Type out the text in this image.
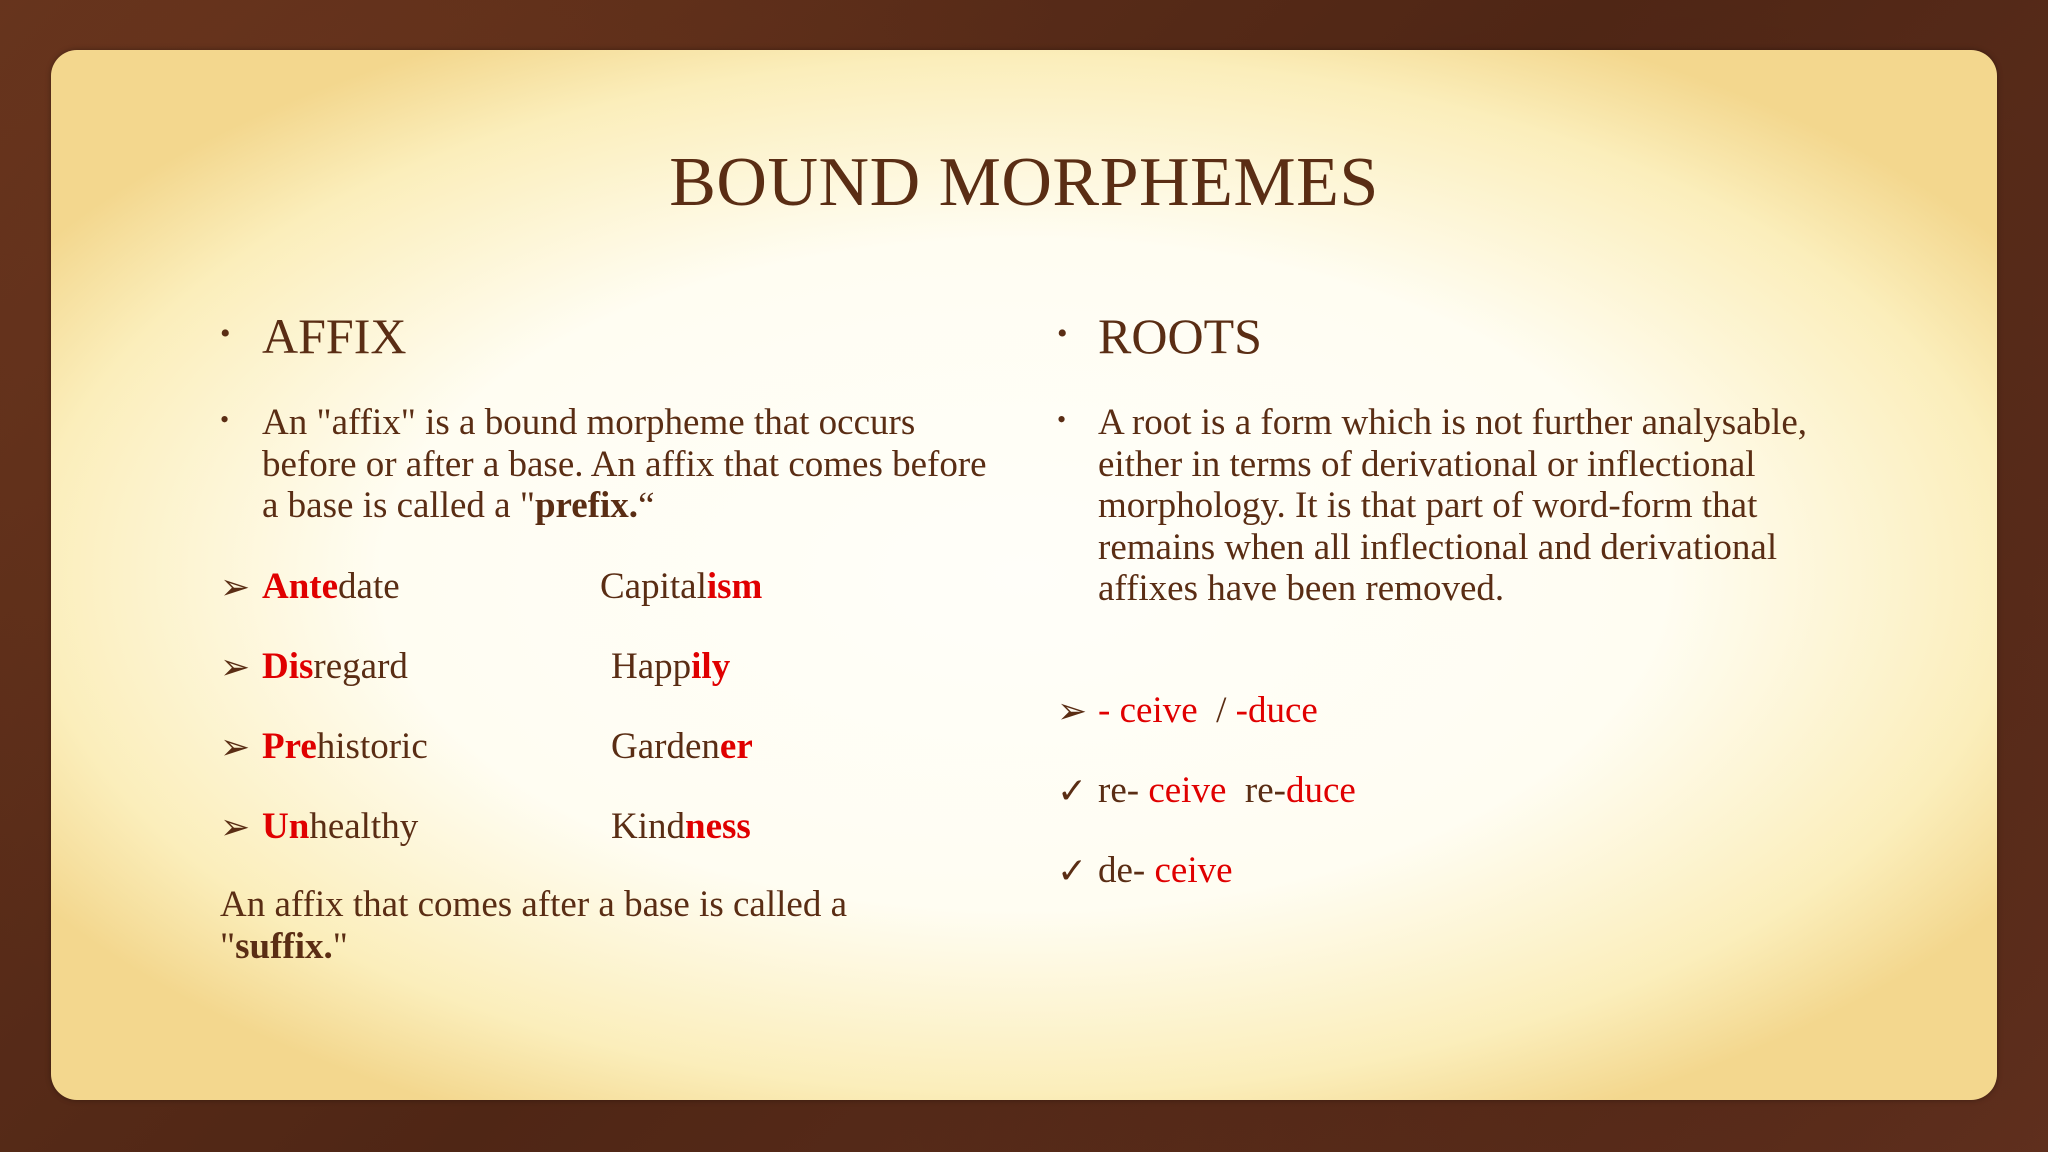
BOUND MORPHEMES
• AFFIX
• An "affix" is a bound morpheme that occurs before or after a base. An affix that comes before a base is called a "prefix.“
➢ Antedate	Capitalism
➢ Disregard	Happily
➢ Prehistoric	Gardener
➢ Unhealthy	Kindness
An affix that comes after a base is called a "suffix."
• ROOTS
• A root is a form which is not further analysable, either in terms of derivational or inflectional morphology. It is that part of word-form that remains when all inflectional and derivational affixes have been removed.
➢ - ceive  / -duce
✓ re- ceive  re-duce
✓ de- ceive
